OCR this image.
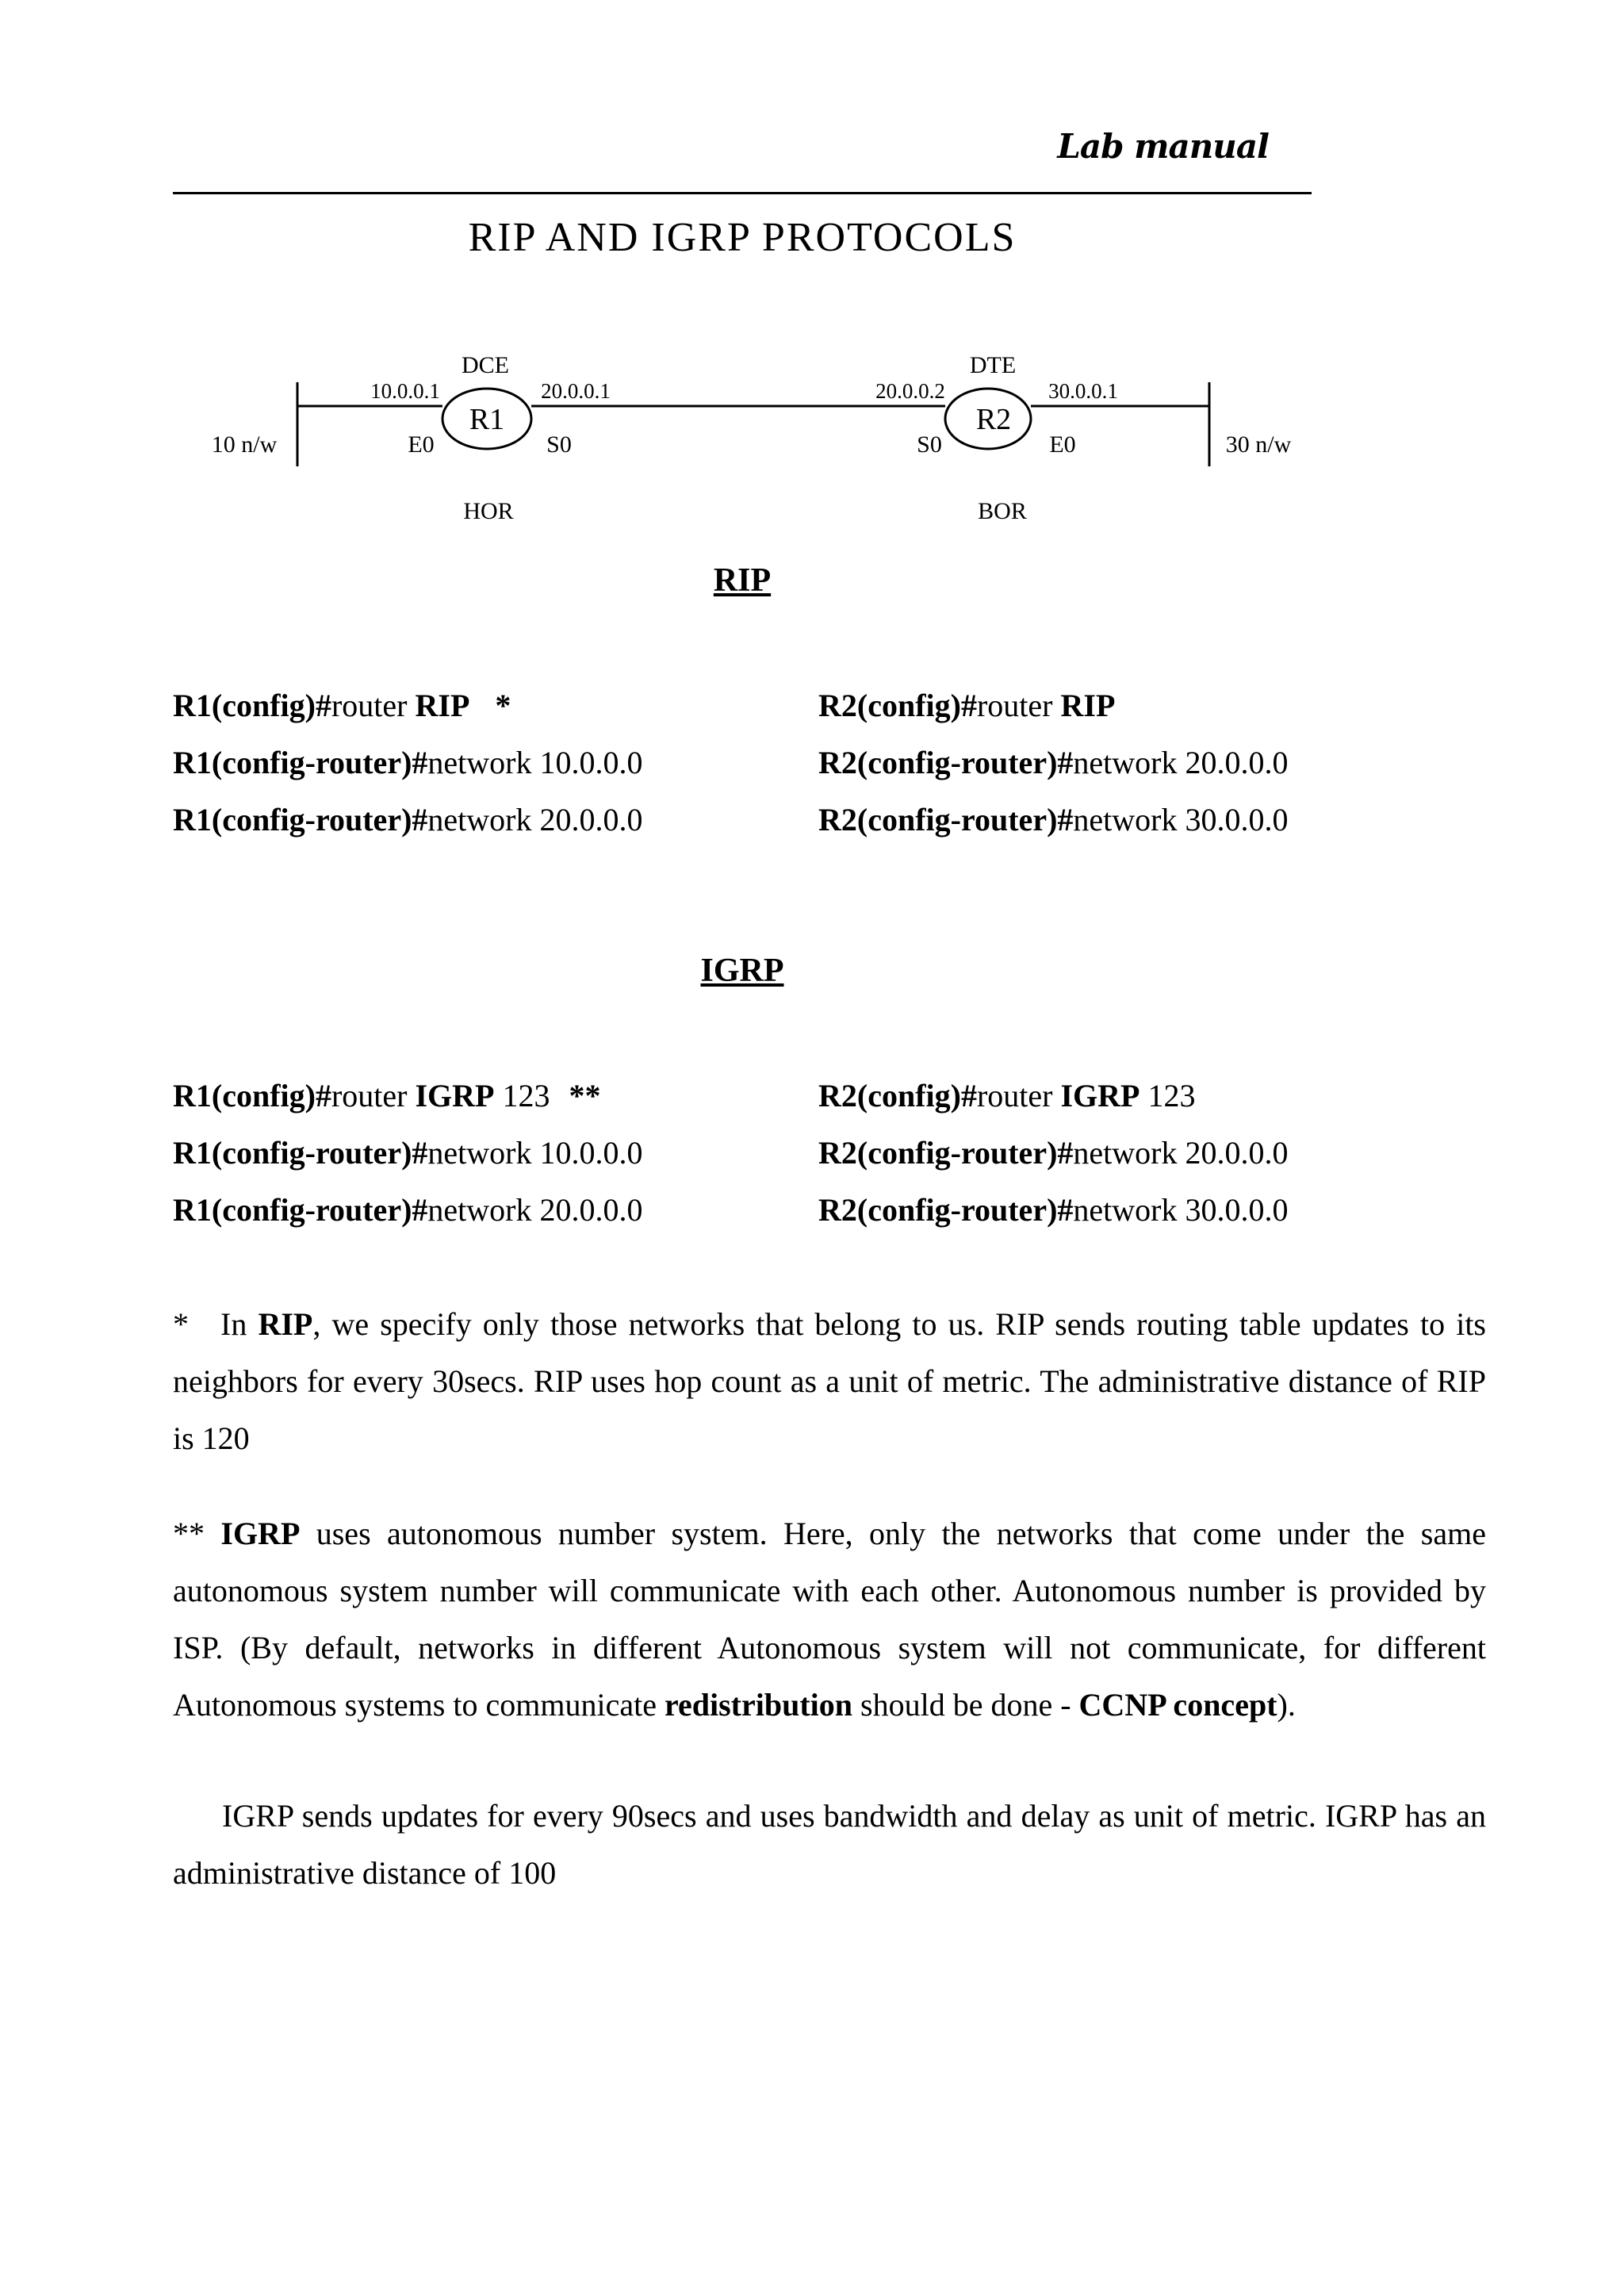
Lab manual
RIP AND IGRP PROTOCOLS
DCE	DTE
10.0.0.1	20.0.0.1	20.0.0.2	30.0.0.1
R1	R2
10 n/w	30 n/w
E0	S0	S0	E0
HOR	BOR
RIP
R1(config)#router RIP *
R1(config-router)#network 10.0.0.0
R1(config-router)#network 20.0.0.0
R2(config)#router RIP
R2(config-router)#network 20.0.0.0
R2(config-router)#network 30.0.0.0
IGRP
R1(config)#router IGRP 123 **
R1(config-router)#network 10.0.0.0
R1(config-router)#network 20.0.0.0
R2(config)#router IGRP 123
R2(config-router)#network 20.0.0.0
R2(config-router)#network 30.0.0.0
* In RIP, we specify only those networks that belong to us. RIP sends routing table updates to its neighbors for every 30secs. RIP uses hop count as a unit of metric. The administrative distance of RIP is 120
** IGRP uses autonomous number system. Here, only the networks that come under the same autonomous system number will communicate with each other. Autonomous number is provided by ISP. (By default, networks in different Autonomous system will not communicate, for different Autonomous systems to communicate redistribution should be done - CCNP concept).
IGRP sends updates for every 90secs and uses bandwidth and delay as unit of metric. IGRP has an administrative distance of 100
